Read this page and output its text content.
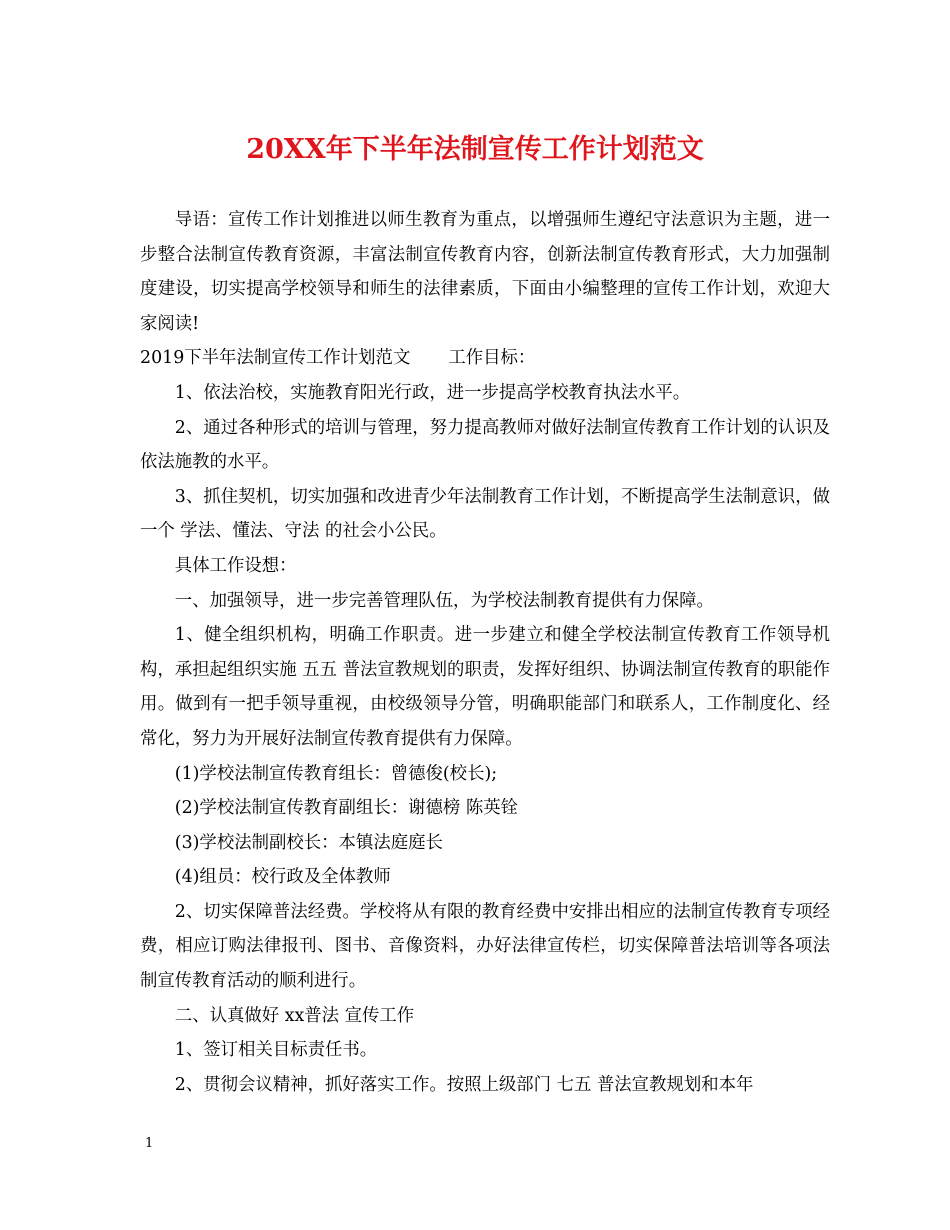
20XX年下半年法制宣传工作计划范文

导语：宣传工作计划推进以师生教育为重点，以增强师生遵纪守法意识为主题，进一步整合法制宣传教育资源，丰富法制宣传教育内容，创新法制宣传教育形式，大力加强制度建设，切实提高学校领导和师生的法律素质，下面由小编整理的宣传工作计划，欢迎大家阅读!

2019下半年法制宣传工作计划范文 工作目标：

1、依法治校，实施教育阳光行政，进一步提高学校教育执法水平。

2、通过各种形式的培训与管理，努力提高教师对做好法制宣传教育工作计划的认识及依法施教的水平。

3、抓住契机，切实加强和改进青少年法制教育工作计划，不断提高学生法制意识，做一个 学法、懂法、守法 的社会小公民。

具体工作设想：

一、加强领导，进一步完善管理队伍，为学校法制教育提供有力保障。

1、健全组织机构，明确工作职责。进一步建立和健全学校法制宣传教育工作领导机构，承担起组织实施 五五 普法宣教规划的职责，发挥好组织、协调法制宣传教育的职能作用。做到有一把手领导重视，由校级领导分管，明确职能部门和联系人，工作制度化、经常化，努力为开展好法制宣传教育提供有力保障。

(1)学校法制宣传教育组长：曾德俊(校长);

(2)学校法制宣传教育副组长：谢德榜 陈英铨

(3)学校法制副校长：本镇法庭庭长

(4)组员：校行政及全体教师

2、切实保障普法经费。学校将从有限的教育经费中安排出相应的法制宣传教育专项经费，相应订购法律报刊、图书、音像资料，办好法律宣传栏，切实保障普法培训等各项法制宣传教育活动的顺利进行。

二、认真做好 xx普法 宣传工作

1、签订相关目标责任书。

2、贯彻会议精神，抓好落实工作。按照上级部门 七五 普法宣教规划和本年

1
